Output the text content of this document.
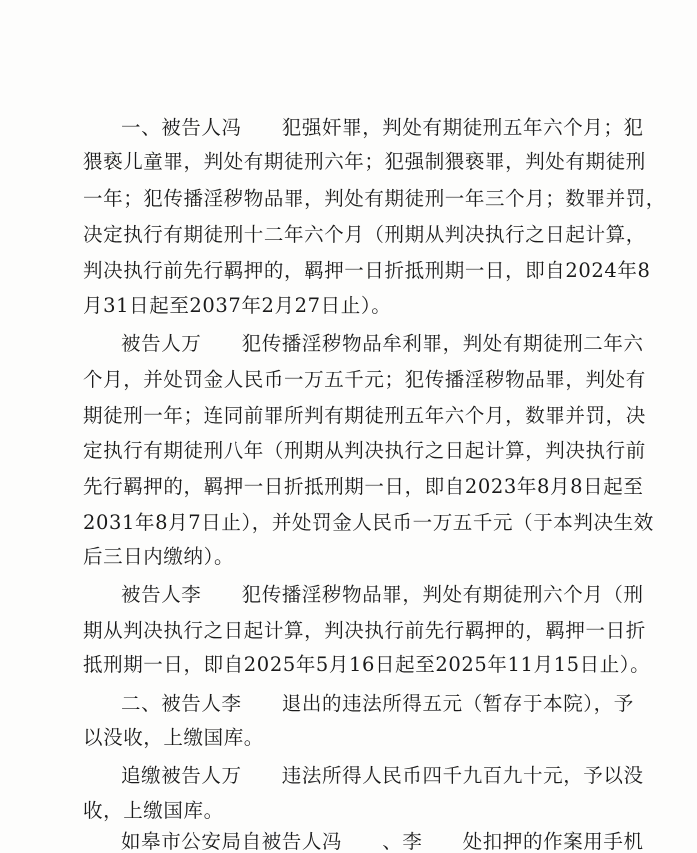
一、被告人冯　　犯强奸罪，判处有期徒刑五年六个月；犯
猥亵儿童罪，判处有期徒刑六年；犯强制猥亵罪，判处有期徒刑
一年；犯传播淫秽物品罪，判处有期徒刑一年三个月；数罪并罚，
决定执行有期徒刑十二年六个月（刑期从判决执行之日起计算，
判决执行前先行羁押的，羁押一日折抵刑期一日，即自2024年8
月31日起至2037年2月27日止）。
被告人万　　犯传播淫秽物品牟利罪，判处有期徒刑二年六
个月，并处罚金人民币一万五千元；犯传播淫秽物品罪，判处有
期徒刑一年；连同前罪所判有期徒刑五年六个月，数罪并罚，决
定执行有期徒刑八年（刑期从判决执行之日起计算，判决执行前
先行羁押的，羁押一日折抵刑期一日，即自2023年8月8日起至
2031年8月7日止），并处罚金人民币一万五千元（于本判决生效
后三日内缴纳）。
被告人李　　犯传播淫秽物品罪，判处有期徒刑六个月（刑
期从判决执行之日起计算，判决执行前先行羁押的，羁押一日折
抵刑期一日，即自2025年5月16日起至2025年11月15日止）。
二、被告人李　　退出的违法所得五元（暂存于本院），予
以没收，上缴国库。
追缴被告人万　　违法所得人民币四千九百九十元，予以没
收，上缴国库。
如皋市公安局自被告人冯　　、李　　处扣押的作案用手机
